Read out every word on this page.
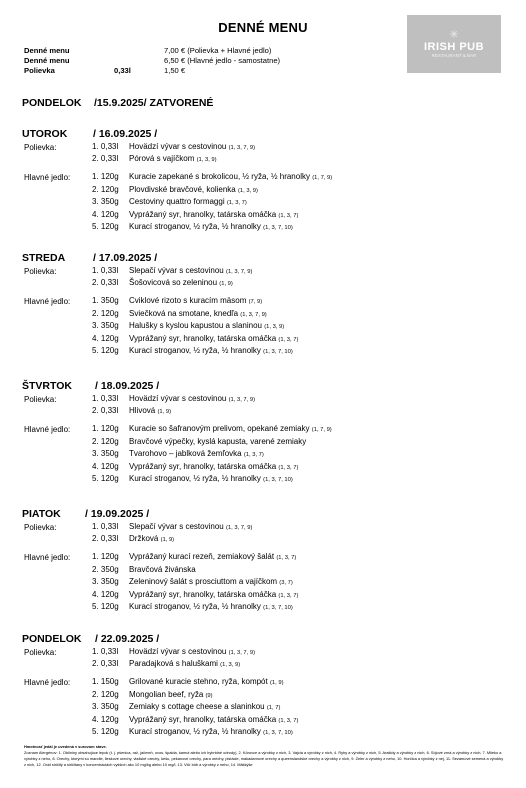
DENNÉ MENU	✳
IRISH PUB
RESTAURANT & BAR
Denné menu	7,00 € (Polievka + Hlavné jedlo)
Denné menu	6,50 € (Hlavné jedlo - samostatne)
Polievka	0,33l	1,50 €
PONDELOK /15.9.2025/ ZATVORENÉ
UTOROK / 16.09.2025 /
Polievka:	1. 0,33l Hovädzí vývar s cestovinou (1, 3, 7, 9)
2. 0,33l Pórová s vajíčkom (1, 3, 9)
Hlavné jedlo:	1. 120g Kuracie zapekané s brokolicou, ½ ryža, ½ hranolky (1, 7, 9)
2. 120g Plovdivské bravčové, kolienka (1, 3, 9)
3. 350g Cestoviny quattro formaggi (1, 3, 7)
4. 120g Vyprážaný syr, hranolky, tatárska omáčka (1, 3, 7)
5. 120g Kurací stroganov, ½ ryža, ½ hranolky (1, 3, 7, 10)
STREDA	/ 17.09.2025 /
Polievka:	1. 0,33l Slepačí vývar s cestovinou (1, 3, 7, 9)
2. 0,33l Šošovicová so zeleninou (1, 9)
Hlavné jedlo:	1. 350g Cviklové rizoto s kuracím mäsom (7, 9)
2. 120g Sviečková na smotane, knedľa (1, 3, 7, 9)
3. 350g Halušky s kyslou kapustou a slaninou (1, 3, 9)
4. 120g Vyprážaný syr, hranolky, tatárska omáčka (1, 3, 7)
5. 120g Kurací stroganov, ½ ryža, ½ hranolky (1, 3, 7, 10)
ŠTVRTOK / 18.09.2025 /
Polievka:	1. 0,33l Hovädzí vývar s cestovinou (1, 3, 7, 9)
2. 0,33l Hlivová (1, 9)
Hlavné jedlo:	1. 120g Kuracie so šafranovým prelivom, opekané zemiaky (1, 7, 9)
2. 120g Bravčové výpečky, kyslá kapusta, varené zemiaky
3. 350g Tvarohovo – jablková žemľovka (1, 3, 7)
4. 120g Vyprážaný syr, hranolky, tatárska omáčka (1, 3, 7)
5. 120g Kurací stroganov, ½ ryža, ½ hranolky (1, 3, 7, 10)
PIATOK / 19.09.2025 /
Polievka:	1. 0,33l Slepačí vývar s cestovinou (1, 3, 7, 9)
2. 0,33l Držková (1, 9)
Hlavné jedlo:	1. 120g Vyprážaný kurací rezeň, zemiakový šalát (1, 3, 7)
2. 350g Bravčová živánska
3. 350g Zeleninový šalát s prosciuttom a vajíčkom (3, 7)
4. 120g Vyprážaný syr, hranolky, tatárska omáčka (1, 3, 7)
5. 120g Kurací stroganov, ½ ryža, ½ hranolky (1, 3, 7, 10)
PONDELOK / 22.09.2025 /
Polievka:	1. 0,33l Hovädzí vývar s cestovinou (1, 3, 7, 9)
2. 0,33l Paradajková s haluškami (1, 3, 9)
Hlavné jedlo:	1. 150g Grilované kuracie stehno, ryža, kompót (1, 9)
2. 120g Mongolian beef, ryža (9)
3. 350g Zemiaky s cottage cheese a slaninkou (1, 7)
4. 120g Vyprážaný syr, hranolky, tatárska omáčka (1, 3, 7)
5. 120g Kurací stroganov, ½ ryža, ½ hranolky (1, 3, 7, 10)
Hmotnosť jedál je uvedená v surovom stave.
Zoznam Alergénov: 1. Obilniny obsahujúce lepok (t. j. pšenica, raž, jačmeň, ovos, špalda, kamut alebo ich hybridné odrody), 2. Kôrovce a výrobky z nich, 3. Vajcia a výrobky z nich, 4. Ryby a výrobky z nich, 5. Arašidy a výrobky z nich, 6. Sójové zrná a výrobky z nich, 7. Mlieko a výrobky z neho, 8. Orechy, ktorými sú mandle, lieskové orechy, vlašské orechy, kešu, pekanové orechy, para orechy, pistácie, makadamové orechy a queenslandské orechy a výrobky z nich, 9. Zeler a výrobky z neho, 10. Horčica a výrobky z nej, 11. Sezamové semená a výrobky z nich, 12. Oxid siričitý a siričitany v koncentráciách vyšších ako 10 mg/kg alebo 10 mg/l, 13. Vlčí bôb a výrobky z neho, 14. Mäkkýše
